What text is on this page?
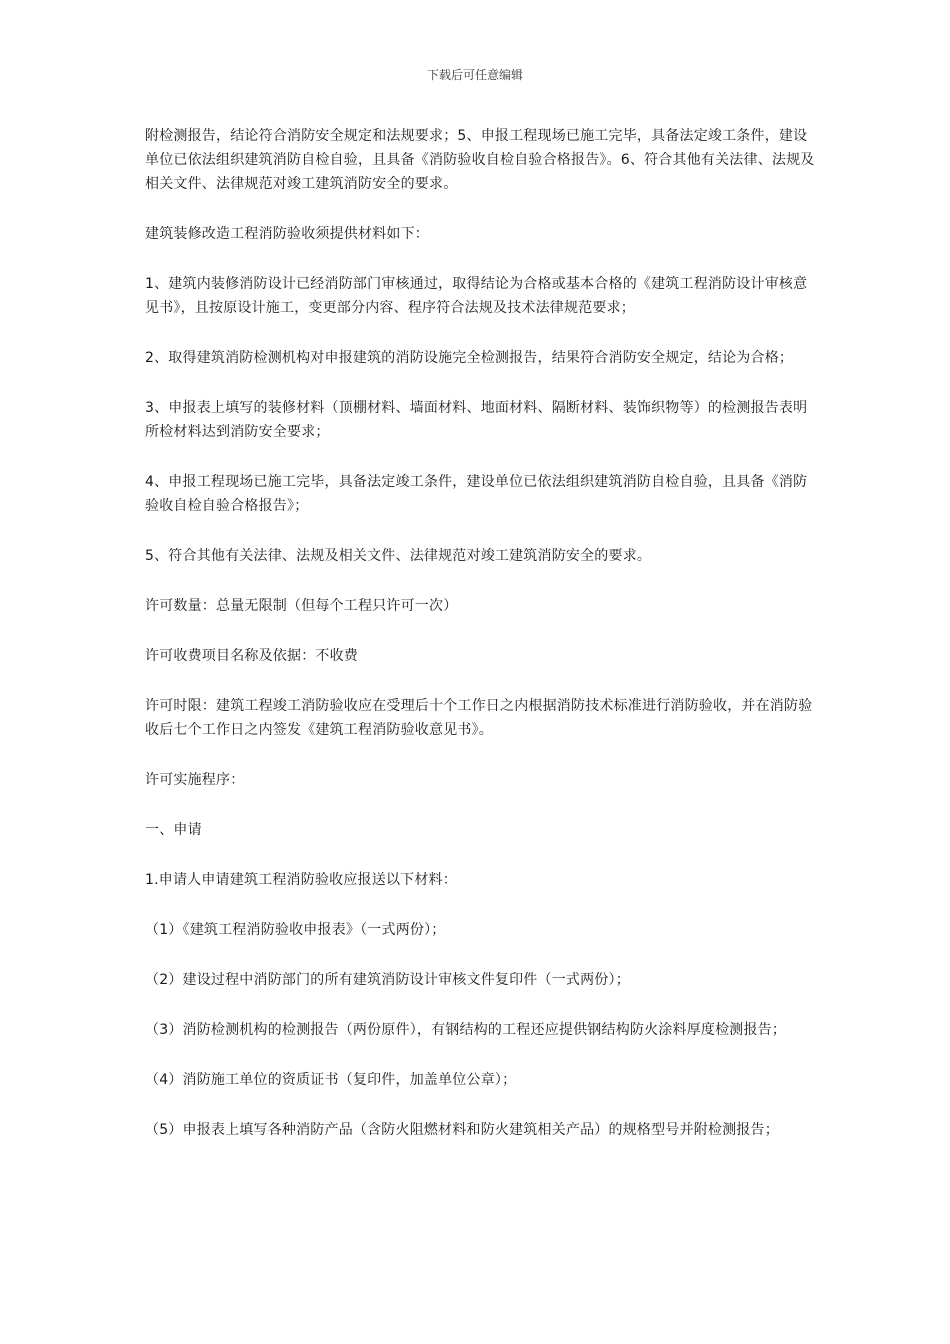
下载后可任意编辑

附检测报告，结论符合消防安全规定和法规要求；5、申报工程现场已施工完毕，具备法定竣工条件，建设单位已依法组织建筑消防自检自验，且具备《消防验收自检自验合格报告》。6、符合其他有关法律、法规及相关文件、法律规范对竣工建筑消防安全的要求。

建筑装修改造工程消防验收须提供材料如下：

1、建筑内装修消防设计已经消防部门审核通过，取得结论为合格或基本合格的《建筑工程消防设计审核意见书》，且按原设计施工，变更部分内容、程序符合法规及技术法律规范要求；

2、取得建筑消防检测机构对申报建筑的消防设施完全检测报告，结果符合消防安全规定，结论为合格；

3、申报表上填写的装修材料（顶棚材料、墙面材料、地面材料、隔断材料、装饰织物等）的检测报告表明所检材料达到消防安全要求；

4、申报工程现场已施工完毕，具备法定竣工条件，建设单位已依法组织建筑消防自检自验，且具备《消防验收自检自验合格报告》；

5、符合其他有关法律、法规及相关文件、法律规范对竣工建筑消防安全的要求。

许可数量：总量无限制（但每个工程只许可一次）

许可收费项目名称及依据：不收费

许可时限：建筑工程竣工消防验收应在受理后十个工作日之内根据消防技术标准进行消防验收，并在消防验收后七个工作日之内签发《建筑工程消防验收意见书》。

许可实施程序：

一、申请

1.申请人申请建筑工程消防验收应报送以下材料：

（1）《建筑工程消防验收申报表》（一式两份）；

（2）建设过程中消防部门的所有建筑消防设计审核文件复印件（一式两份）；

（3）消防检测机构的检测报告（两份原件），有钢结构的工程还应提供钢结构防火涂料厚度检测报告；

（4）消防施工单位的资质证书（复印件，加盖单位公章）；

（5）申报表上填写各种消防产品（含防火阻燃材料和防火建筑相关产品）的规格型号并附检测报告；
